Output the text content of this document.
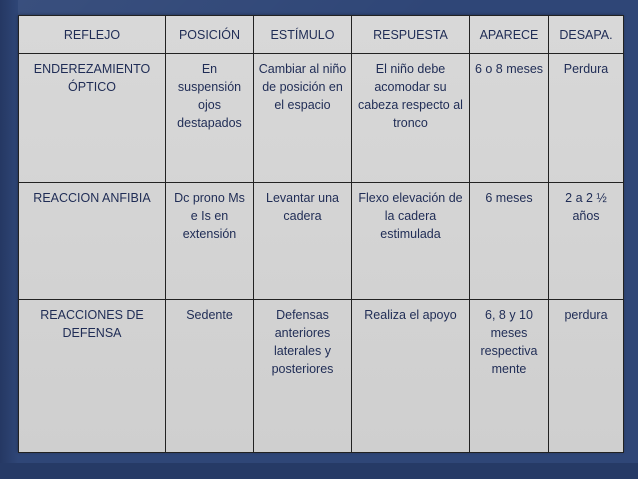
REFLEJO	POSICIÓN	ESTÍMULO	RESPUESTA	APARECE	DESAPA.
ENDEREZAMIENTO ÓPTICO	En suspensión ojos destapados	Cambiar al niño de posición en el espacio	El niño debe acomodar su cabeza respecto al tronco	6 o 8 meses	Perdura
REACCION ANFIBIA	Dc prono Ms e Is en extensión	Levantar una cadera	Flexo elevación de la cadera estimulada	6 meses	2 a 2 ½ años
REACCIONES DE DEFENSA	Sedente	Defensas anteriores laterales y posteriores	Realiza el apoyo	6, 8 y 10 meses respectiva mente	perdura
